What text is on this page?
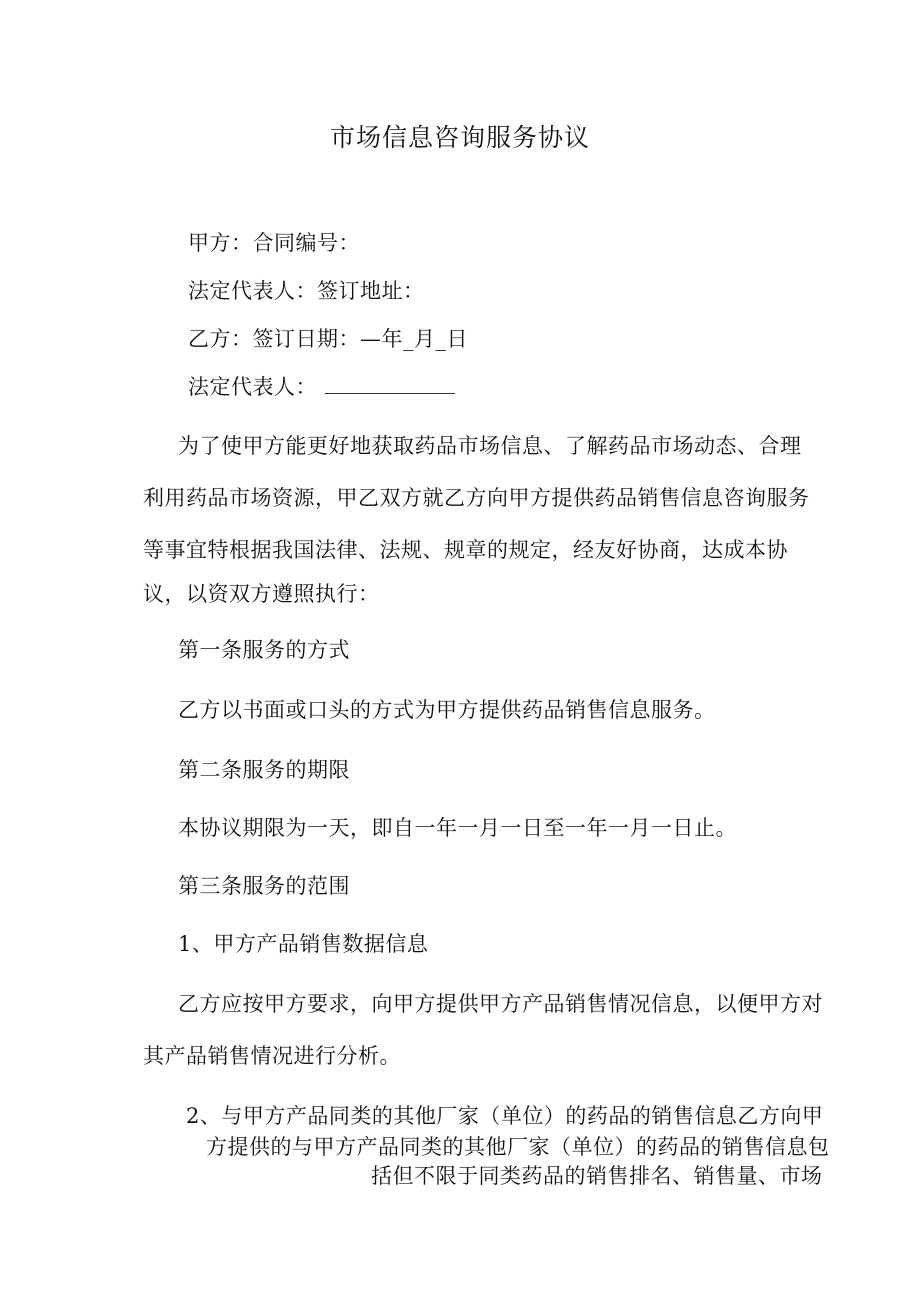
市场信息咨询服务协议
甲方：合同编号：
法定代表人：签订地址：
乙方：签订日期：—年_月_日
法定代表人：
为了使甲方能更好地获取药品市场信息、了解药品市场动态、合理
利用药品市场资源，甲乙双方就乙方向甲方提供药品销售信息咨询服务
等事宜特根据我国法律、法规、规章的规定，经友好协商，达成本协
议，以资双方遵照执行：
第一条服务的方式
乙方以书面或口头的方式为甲方提供药品销售信息服务。
第二条服务的期限
本协议期限为一天，即自一年一月一日至一年一月一日止。
第三条服务的范围
1、甲方产品销售数据信息
乙方应按甲方要求，向甲方提供甲方产品销售情况信息，以便甲方对
其产品销售情况进行分析。
2、与甲方产品同类的其他厂家（单位）的药品的销售信息乙方向甲
方提供的与甲方产品同类的其他厂家（单位）的药品的销售信息包
括但不限于同类药品的销售排名、销售量、市场
